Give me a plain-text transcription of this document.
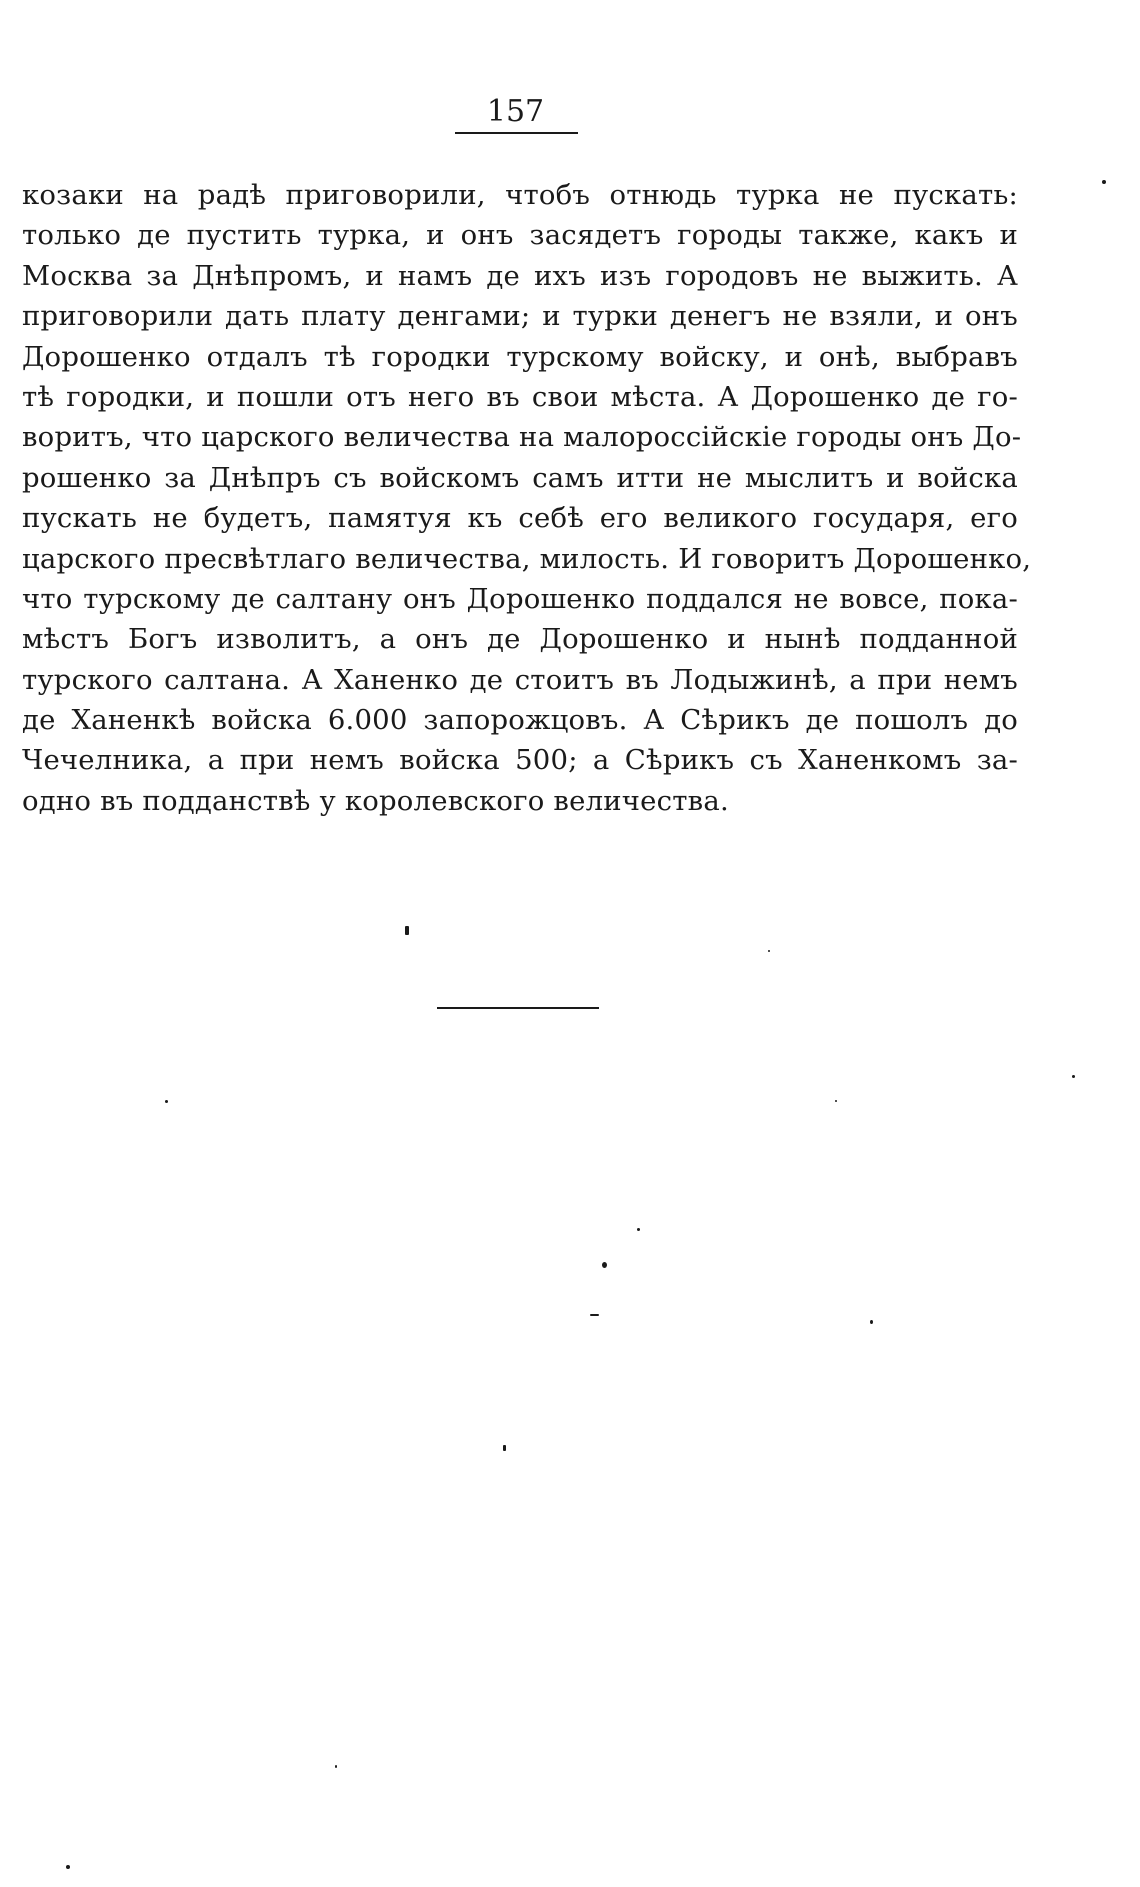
157
козаки на радѣ приговорили, чтобъ отнюдь турка не пускать:
только де пустить турка, и онъ засядетъ городы также, какъ и
Москва за Днѣпромъ, и намъ де ихъ изъ городовъ не выжить. А
приговорили дать плату денгами; и турки денегъ не взяли, и онъ
Дорошенко отдалъ тѣ городки турскому войску, и онѣ, выбравъ
тѣ городки, и пошли отъ него въ свои мѣста. А Дорошенко де го-
воритъ, что царского величества на малороссійскіе городы онъ До-
рошенко за Днѣпръ съ войскомъ самъ итти не мыслитъ и войска
пускать не будетъ, памятуя къ себѣ его великого государя, его
царского пресвѣтлаго величества, милость. И говоритъ Дорошенко,
что турскому де салтану онъ Дорошенко поддался не вовсе, пока-
мѣстъ Богъ изволитъ, а онъ де Дорошенко и нынѣ подданной
турского салтана. А Ханенко де стоитъ въ Лодыжинѣ, а при немъ
де Ханенкѣ войска 6.000 запорожцовъ. А Сѣрикъ де пошолъ до
Чечелника, а при немъ войска 500; а Сѣрикъ съ Ханенкомъ за-
одно въ подданствѣ у королевского величества.
